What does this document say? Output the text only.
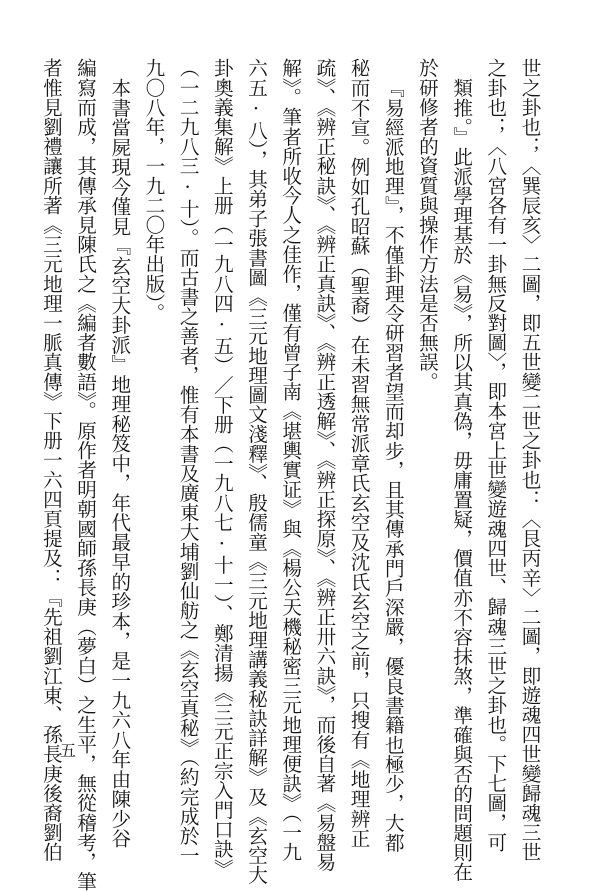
世之卦也；〈巽辰亥〉二圖，即五世變二世之卦也：〈艮丙辛〉二圖，即遊魂四世變歸魂三世
之卦也；〈八宮各有一卦無反對圖〉，即本宮上世變遊魂四世、歸魂三世之卦也。下七圖，可
類推。』此派學理基於《易》，所以其真偽，毋庸置疑，價值亦不容抹煞，準確與否的問題則在
於研修者的資質與操作方法是否無誤。
『易經派地理』，不僅卦理令研習者望而却步，且其傳承門戶深嚴，優良書籍也極少，大都
秘而不宣。例如孔昭蘇（聖裔）在未習無常派章氏玄空及沈氏玄空之前，只搜有《地理辨正
疏》、《辨正秘訣》、《辨正真訣》、《辨正透解》、《辨正探原》、《辨正卅六訣》，而後自著《易盤易
解》。筆者所收今人之佳作，僅有曾子南《堪輿實证》與《楊公天機秘密三元地理便訣》（一九
六五·八），其弟子張書圖《三元地理圖文淺釋》、殷儒童《三元地理講義秘訣詳解》及《玄空大
卦奧義集解》上册（一九八四·五）／下册（一九八七·十一）、鄭清揚《三元正宗入門口訣》
（一二九八三·十）。而古書之善者，惟有本書及廣東大埔劉仙舫之《玄空真秘》（約完成於一
九〇八年，一九二〇年出版）。
本書當屍現今僅見『玄空大卦派』地理秘笈中，年代最早的珍本，是一九六八年由陳少谷
編寫而成，其傳承見陳氏之《編者數語》。原作者明朝國師孫長庚（夢白）之生平，無從稽考，筆
者惟見劉禮讓所著《三元地理一脈真傳》下册一六四頁提及：『先祖劉江東、孫長庚後裔劉伯
五
